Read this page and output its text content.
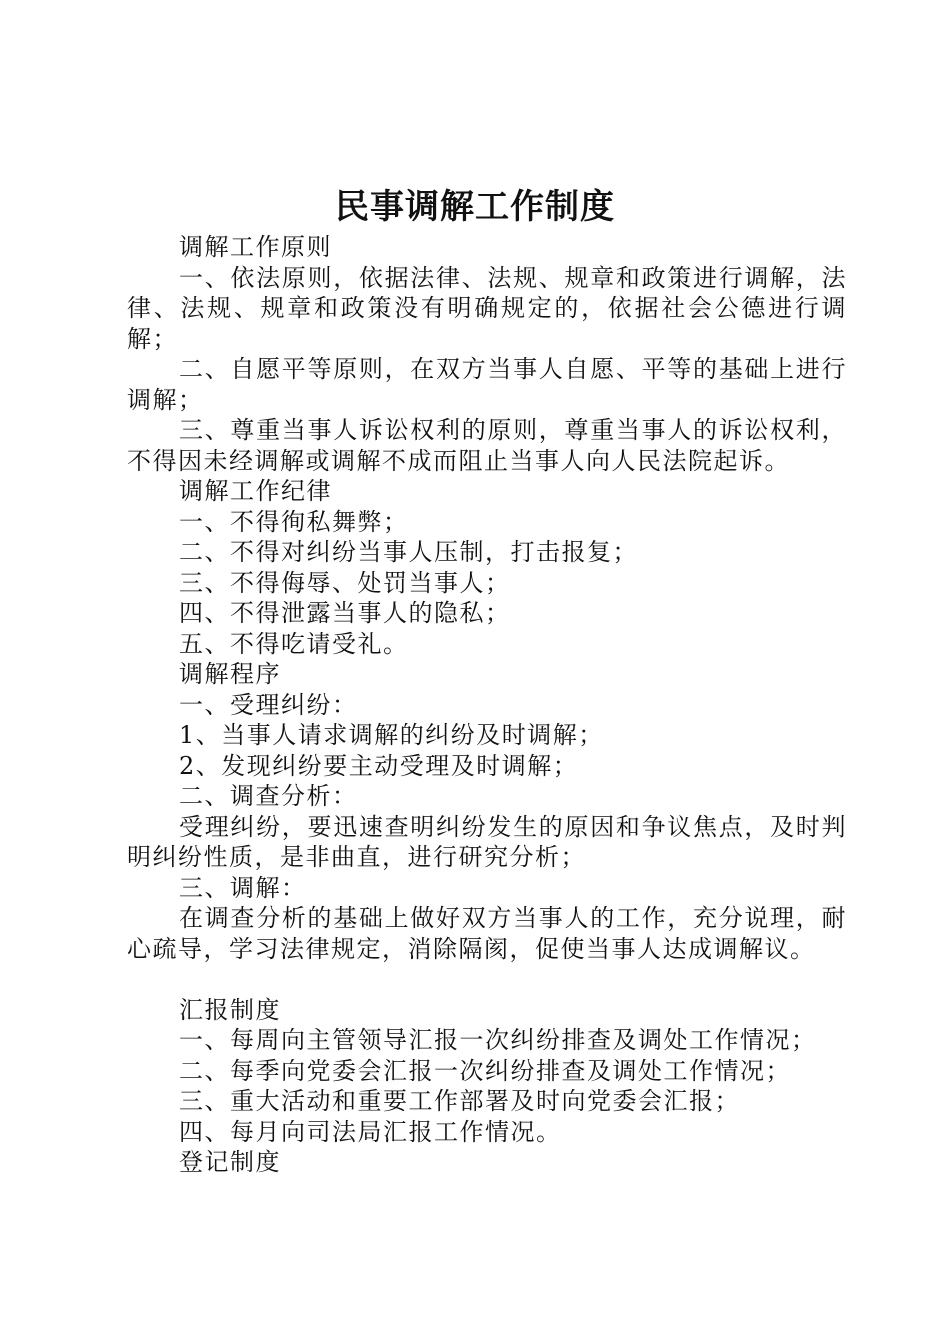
民事调解工作制度

调解工作原则

一、依法原则，依据法律、法规、规章和政策进行调解，法律、法规、规章和政策没有明确规定的，依据社会公德进行调解；

二、自愿平等原则，在双方当事人自愿、平等的基础上进行调解；

三、尊重当事人诉讼权利的原则，尊重当事人的诉讼权利，不得因未经调解或调解不成而阻止当事人向人民法院起诉。

调解工作纪律

一、不得徇私舞弊；

二、不得对纠纷当事人压制，打击报复；

三、不得侮辱、处罚当事人；

四、不得泄露当事人的隐私；

五、不得吃请受礼。

调解程序

一、受理纠纷：

1、当事人请求调解的纠纷及时调解；

2、发现纠纷要主动受理及时调解；

二、调查分析：

受理纠纷，要迅速查明纠纷发生的原因和争议焦点，及时判明纠纷性质，是非曲直，进行研究分析；

三、调解：

在调查分析的基础上做好双方当事人的工作，充分说理，耐心疏导，学习法律规定，消除隔阂，促使当事人达成调解议。

汇报制度

一、每周向主管领导汇报一次纠纷排查及调处工作情况；

二、每季向党委会汇报一次纠纷排查及调处工作情况；

三、重大活动和重要工作部署及时向党委会汇报；

四、每月向司法局汇报工作情况。

登记制度
